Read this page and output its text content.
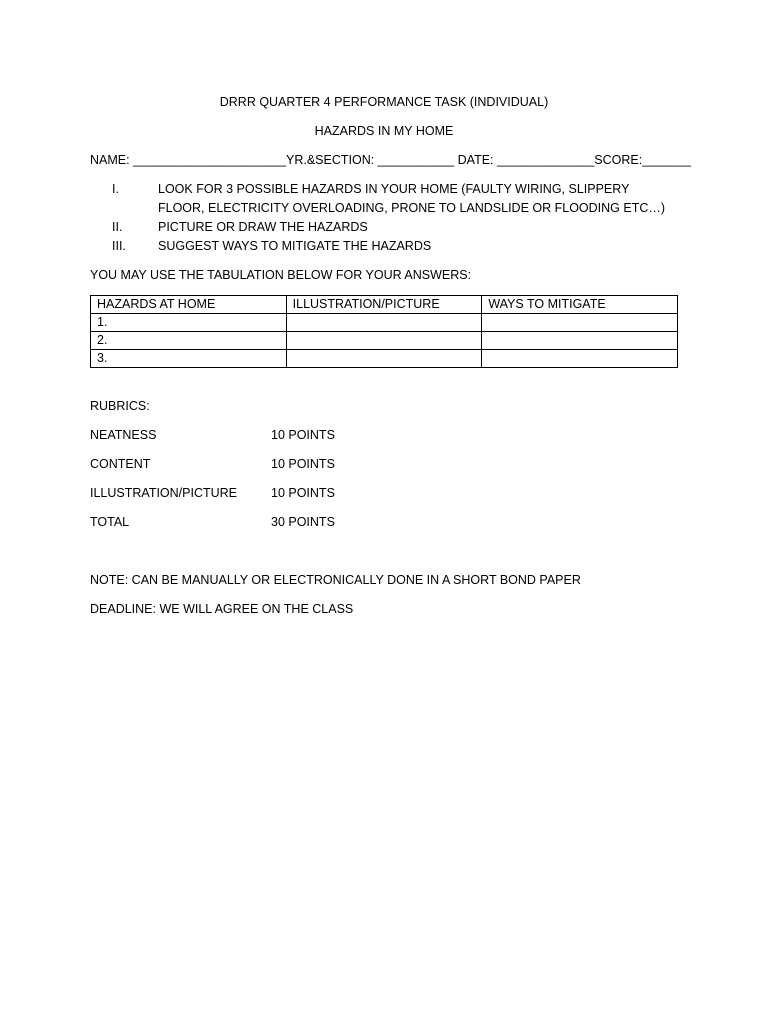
DRRR QUARTER 4 PERFORMANCE TASK (INDIVIDUAL)
HAZARDS IN MY HOME
NAME: ______________________YR.&SECTION: ___________ DATE: ______________SCORE:_______
I.	LOOK FOR 3 POSSIBLE HAZARDS IN YOUR HOME (FAULTY WIRING, SLIPPERY FLOOR, ELECTRICITY OVERLOADING, PRONE TO LANDSLIDE OR FLOODING ETC…)
II.	PICTURE OR DRAW THE HAZARDS
III.	SUGGEST WAYS TO MITIGATE THE HAZARDS
YOU MAY USE THE TABULATION BELOW FOR YOUR ANSWERS:
HAZARDS AT HOME	ILLUSTRATION/PICTURE	WAYS TO MITIGATE
1.		
2.		
3.		
RUBRICS:
NEATNESS	10 POINTS
CONTENT	10 POINTS
ILLUSTRATION/PICTURE	10 POINTS
TOTAL	30 POINTS
NOTE: CAN BE MANUALLY OR ELECTRONICALLY DONE IN A SHORT BOND PAPER
DEADLINE: WE WILL AGREE ON THE CLASS
